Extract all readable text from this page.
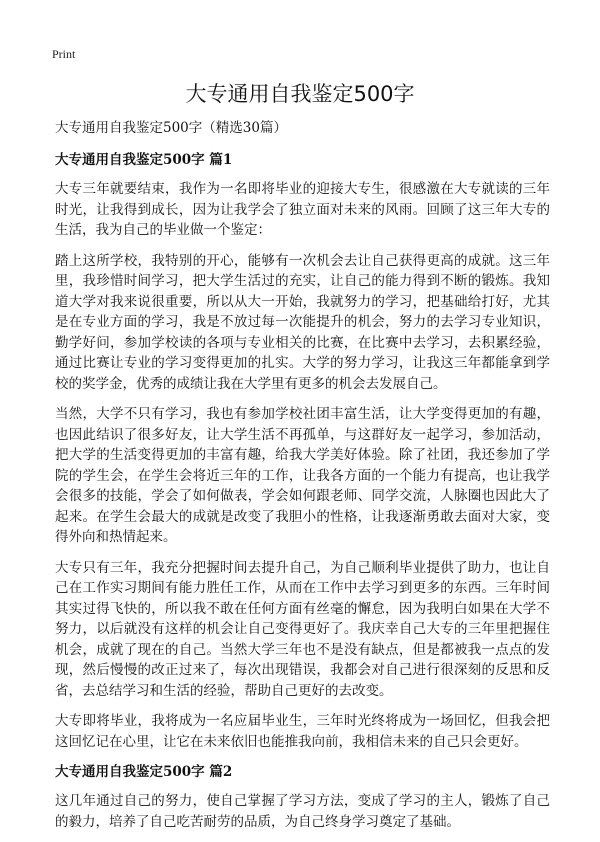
Print
大专通用自我鉴定500字

大专通用自我鉴定500字（精选30篇）

大专通用自我鉴定500字 篇1

大专三年就要结束，我作为一名即将毕业的迎接大专生，很感激在大专就读的三年时光，让我得到成长，因为让我学会了独立面对未来的风雨。回顾了这三年大专的生活，我为自己的毕业做一个鉴定：

踏上这所学校，我特别的开心，能够有一次机会去让自己获得更高的成就。这三年里，我珍惜时间学习，把大学生活过的充实，让自己的能力得到不断的锻炼。我知道大学对我来说很重要，所以从大一开始，我就努力的学习，把基础给打好，尤其是在专业方面的学习，我是不放过每一次能提升的机会，努力的去学习专业知识，勤学好问，参加学校读的各项与专业相关的比赛，在比赛中去学习，去积累经验，通过比赛让专业的学习变得更加的扎实。大学的努力学习，让我这三年都能拿到学校的奖学金，优秀的成绩让我在大学里有更多的机会去发展自己。

当然，大学不只有学习，我也有参加学校社团丰富生活，让大学变得更加的有趣，也因此结识了很多好友，让大学生活不再孤单，与这群好友一起学习，参加活动，把大学的生活变得更加的丰富有趣，给我大学美好体验。除了社团，我还参加了学院的学生会，在学生会将近三年的工作，让我各方面的一个能力有提高，也让我学会很多的技能，学会了如何做表，学会如何跟老师、同学交流，人脉圈也因此大了起来。在学生会最大的成就是改变了我胆小的性格，让我逐渐勇敢去面对大家，变得外向和热情起来。

大专只有三年，我充分把握时间去提升自己，为自己顺利毕业提供了助力，也让自己在工作实习期间有能力胜任工作，从而在工作中去学习到更多的东西。三年时间其实过得飞快的，所以我不敢在任何方面有丝毫的懈怠，因为我明白如果在大学不努力，以后就没有这样的机会让自己变得更好了。我庆幸自己大专的三年里把握住机会，成就了现在的自己。当然大学三年也不是没有缺点，但是都被我一点点的发现，然后慢慢的改正过来了，每次出现错误，我都会对自己进行很深刻的反思和反省，去总结学习和生活的经验，帮助自己更好的去改变。

大专即将毕业，我将成为一名应届毕业生，三年时光终将成为一场回忆，但我会把这回忆记在心里，让它在未来依旧也能推我向前，我相信未来的自己只会更好。

大专通用自我鉴定500字 篇2

这几年通过自己的努力，使自己掌握了学习方法，变成了学习的主人，锻炼了自己的毅力，培养了自己吃苦耐劳的品质，为自己终身学习奠定了基础。
